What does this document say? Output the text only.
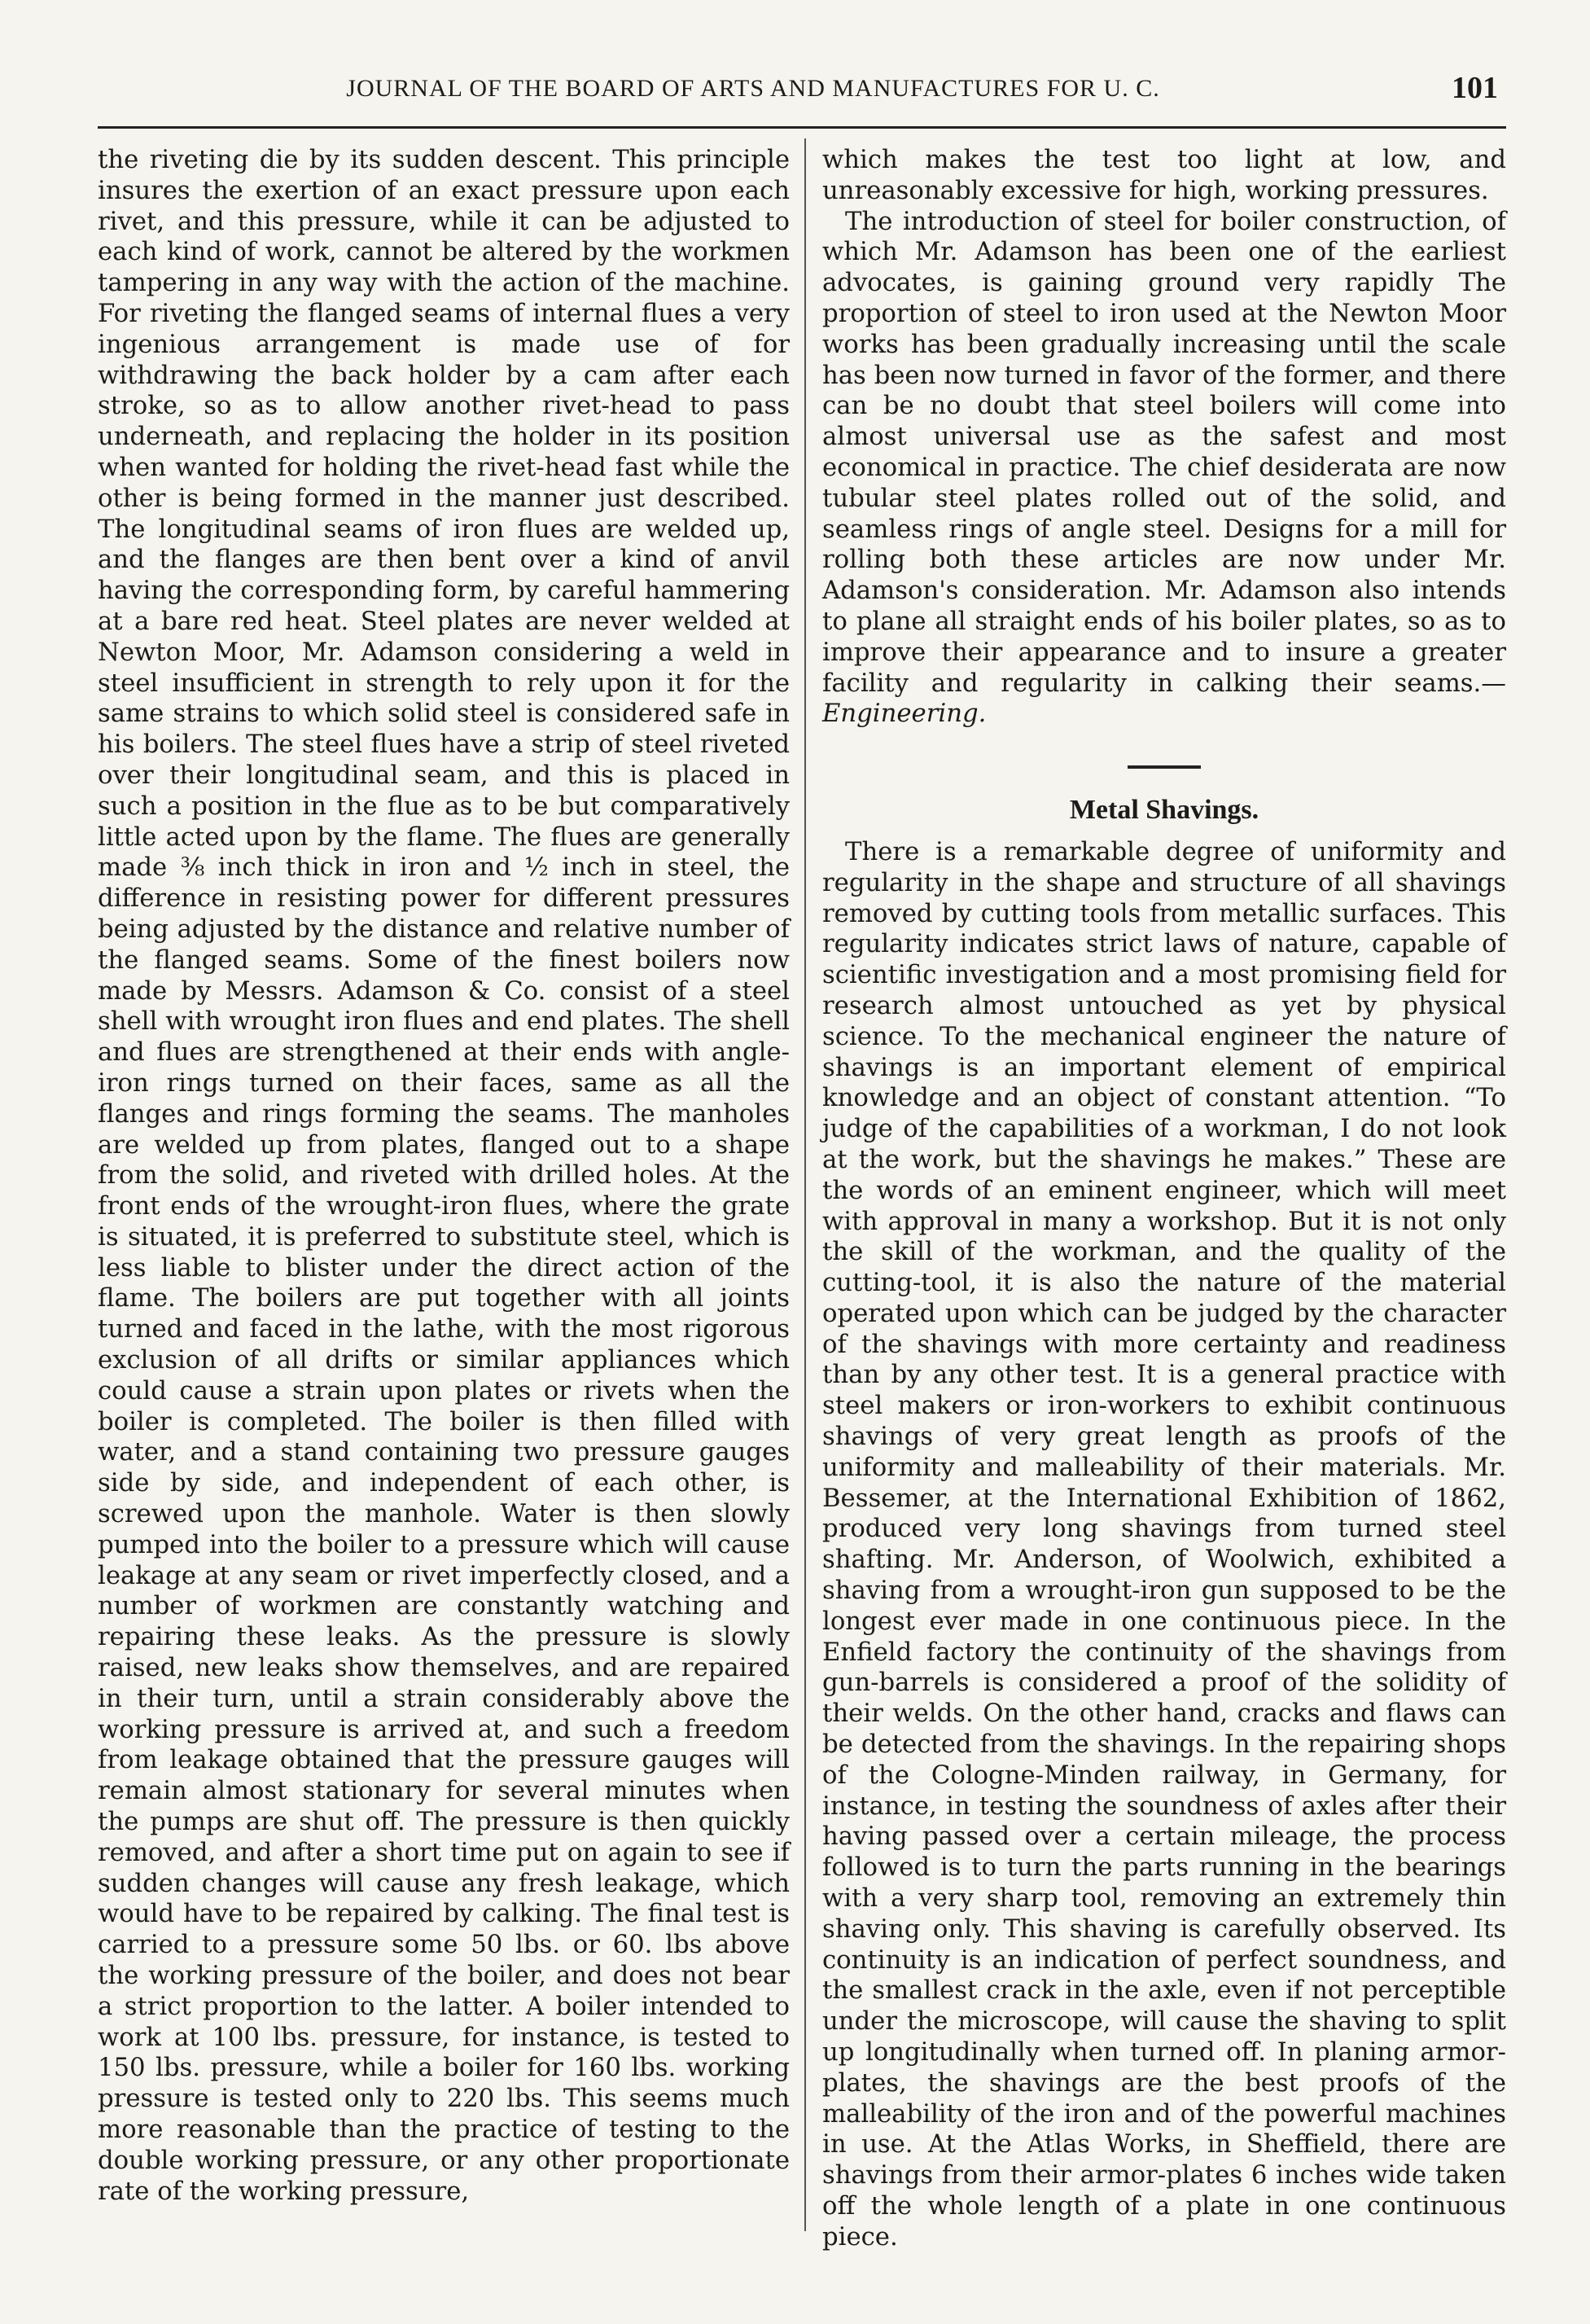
JOURNAL OF THE BOARD OF ARTS AND MANUFACTURES FOR U. C.	101

the riveting die by its sudden descent. This principle insures the exertion of an exact pressure upon each rivet, and this pressure, while it can be adjusted to each kind of work, cannot be altered by the workmen tampering in any way with the action of the machine. For riveting the flanged seams of internal flues a very ingenious arrangement is made use of for withdrawing the back holder by a cam after each stroke, so as to allow another rivet-head to pass underneath, and replacing the holder in its position when wanted for holding the rivet-head fast while the other is being formed in the manner just described. The longitudinal seams of iron flues are welded up, and the flanges are then bent over a kind of anvil having the corresponding form, by careful hammering at a bare red heat. Steel plates are never welded at Newton Moor, Mr. Adamson considering a weld in steel insufficient in strength to rely upon it for the same strains to which solid steel is considered safe in his boilers. The steel flues have a strip of steel riveted over their longitudinal seam, and this is placed in such a position in the flue as to be but comparatively little acted upon by the flame. The flues are generally made ⅜ inch thick in iron and ½ inch in steel, the difference in resisting power for different pressures being adjusted by the distance and relative number of the flanged seams. Some of the finest boilers now made by Messrs. Adamson & Co. consist of a steel shell with wrought iron flues and end plates. The shell and flues are strengthened at their ends with angle-iron rings turned on their faces, same as all the flanges and rings forming the seams. The manholes are welded up from plates, flanged out to a shape from the solid, and riveted with drilled holes. At the front ends of the wrought-iron flues, where the grate is situated, it is preferred to substitute steel, which is less liable to blister under the direct action of the flame. The boilers are put together with all joints turned and faced in the lathe, with the most rigorous exclusion of all drifts or similar appliances which could cause a strain upon plates or rivets when the boiler is completed. The boiler is then filled with water, and a stand containing two pressure gauges side by side, and independent of each other, is screwed upon the manhole. Water is then slowly pumped into the boiler to a pressure which will cause leakage at any seam or rivet imperfectly closed, and a number of workmen are constantly watching and repairing these leaks. As the pressure is slowly raised, new leaks show themselves, and are repaired in their turn, until a strain considerably above the working pressure is arrived at, and such a freedom from leakage obtained that the pressure gauges will remain almost stationary for several minutes when the pumps are shut off. The pressure is then quickly removed, and after a short time put on again to see if sudden changes will cause any fresh leakage, which would have to be repaired by calking. The final test is carried to a pressure some 50 lbs. or 60. lbs above the working pressure of the boiler, and does not bear a strict proportion to the latter. A boiler intended to work at 100 lbs. pressure, for instance, is tested to 150 lbs. pressure, while a boiler for 160 lbs. working pressure is tested only to 220 lbs. This seems much more reasonable than the practice of testing to the double working pressure, or any other proportionate rate of the working pressure,

which makes the test too light at low, and unreasonably excessive for high, working pressures.

The introduction of steel for boiler construction, of which Mr. Adamson has been one of the earliest advocates, is gaining ground very rapidly The proportion of steel to iron used at the Newton Moor works has been gradually increasing until the scale has been now turned in favor of the former, and there can be no doubt that steel boilers will come into almost universal use as the safest and most economical in practice. The chief desiderata are now tubular steel plates rolled out of the solid, and seamless rings of angle steel. Designs for a mill for rolling both these articles are now under Mr. Adamson's consideration. Mr. Adamson also intends to plane all straight ends of his boiler plates, so as to improve their appearance and to insure a greater facility and regularity in calking their seams.—Engineering.

Metal Shavings.

There is a remarkable degree of uniformity and regularity in the shape and structure of all shavings removed by cutting tools from metallic surfaces. This regularity indicates strict laws of nature, capable of scientific investigation and a most promising field for research almost untouched as yet by physical science. To the mechanical engineer the nature of shavings is an important element of empirical knowledge and an object of constant attention. “To judge of the capabilities of a workman, I do not look at the work, but the shavings he makes.” These are the words of an eminent engineer, which will meet with approval in many a workshop. But it is not only the skill of the workman, and the quality of the cutting-tool, it is also the nature of the material operated upon which can be judged by the character of the shavings with more certainty and readiness than by any other test. It is a general practice with steel makers or iron-workers to exhibit continuous shavings of very great length as proofs of the uniformity and malleability of their materials. Mr. Bessemer, at the International Exhibition of 1862, produced very long shavings from turned steel shafting. Mr. Anderson, of Woolwich, exhibited a shaving from a wrought-iron gun supposed to be the longest ever made in one continuous piece. In the Enfield factory the continuity of the shavings from gun-barrels is considered a proof of the solidity of their welds. On the other hand, cracks and flaws can be detected from the shavings. In the repairing shops of the Cologne-Minden railway, in Germany, for instance, in testing the soundness of axles after their having passed over a certain mileage, the process followed is to turn the parts running in the bearings with a very sharp tool, removing an extremely thin shaving only. This shaving is carefully observed. Its continuity is an indication of perfect soundness, and the smallest crack in the axle, even if not perceptible under the microscope, will cause the shaving to split up longitudinally when turned off. In planing armor-plates, the shavings are the best proofs of the malleability of the iron and of the powerful machines in use. At the Atlas Works, in Sheffield, there are shavings from their armor-plates 6 inches wide taken off the whole length of a plate in one continuous piece.
